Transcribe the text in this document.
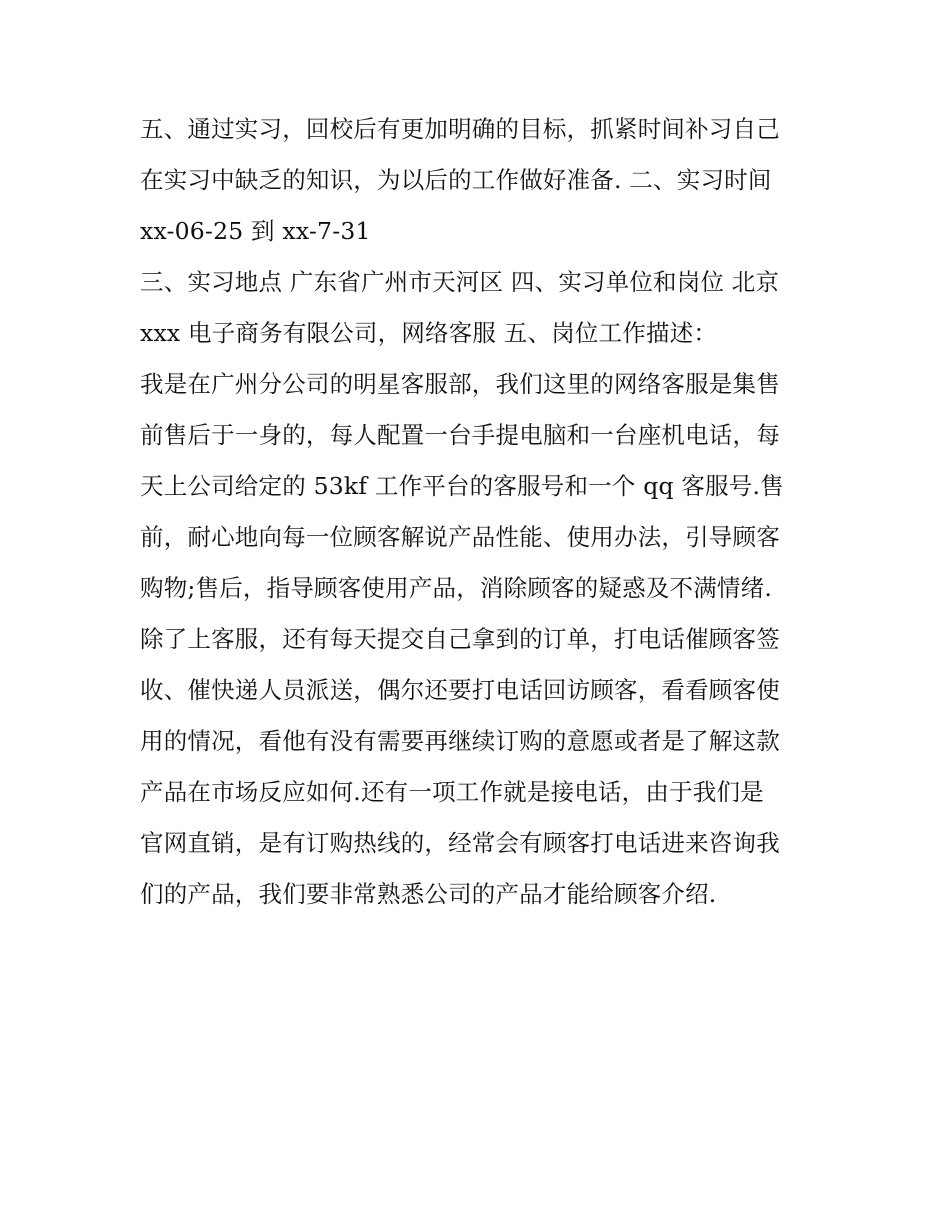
五、通过实习，回校后有更加明确的目标，抓紧时间补习自己
在实习中缺乏的知识，为以后的工作做好准备. 二、实习时间
xx-06-25 到 xx-7-31
三、实习地点 广东省广州市天河区 四、实习单位和岗位 北京
xxx 电子商务有限公司，网络客服 五、岗位工作描述：
我是在广州分公司的明星客服部，我们这里的网络客服是集售
前售后于一身的，每人配置一台手提电脑和一台座机电话，每
天上公司给定的 53kf 工作平台的客服号和一个 qq 客服号.售
前，耐心地向每一位顾客解说产品性能、使用办法，引导顾客
购物;售后，指导顾客使用产品，消除顾客的疑惑及不满情绪.
除了上客服，还有每天提交自己拿到的订单，打电话催顾客签
收、催快递人员派送，偶尔还要打电话回访顾客，看看顾客使
用的情况，看他有没有需要再继续订购的意愿或者是了解这款
产品在市场反应如何.还有一项工作就是接电话，由于我们是
官网直销，是有订购热线的，经常会有顾客打电话进来咨询我
们的产品，我们要非常熟悉公司的产品才能给顾客介绍.
